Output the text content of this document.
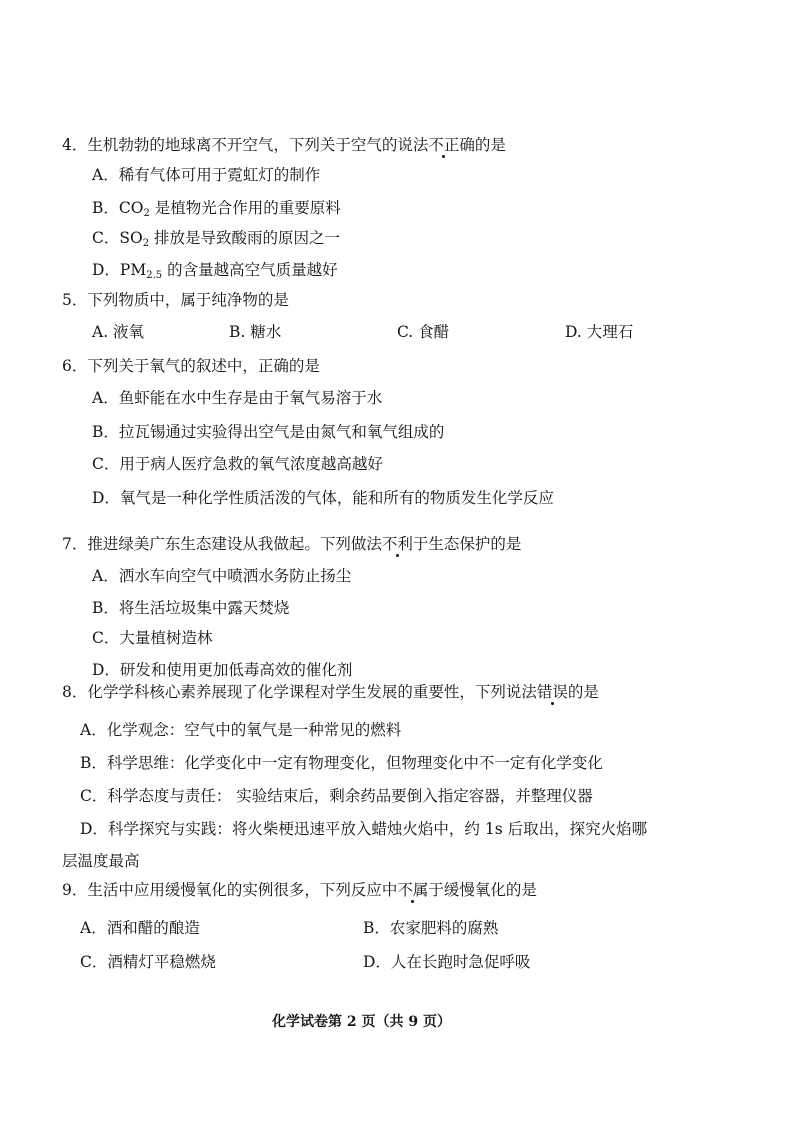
4．生机勃勃的地球离不开空气，下列关于空气的说法不正确的是
A．稀有气体可用于霓虹灯的制作
B．$CO_2$ 是植物光合作用的重要原料
C．$SO_2$ 排放是导致酸雨的原因之一
D．$PM_{2.5}$ 的含量越高空气质量越好
5．下列物质中，属于纯净物的是
A. 液氧	B. 糖水	C. 食醋	D. 大理石
6．下列关于氧气的叙述中，正确的是
A．鱼虾能在水中生存是由于氧气易溶于水
B．拉瓦锡通过实验得出空气是由氮气和氧气组成的
C．用于病人医疗急救的氧气浓度越高越好
D．氧气是一种化学性质活泼的气体，能和所有的物质发生化学反应
7．推进绿美广东生态建设从我做起。下列做法不利于生态保护的是
A．洒水车向空气中喷洒水务防止扬尘
B．将生活垃圾集中露天焚烧
C．大量植树造林
D．研发和使用更加低毒高效的催化剂
8．化学学科核心素养展现了化学课程对学生发展的重要性，下列说法错误的是
A．化学观念：空气中的氧气是一种常见的燃料
B．科学思维：化学变化中一定有物理变化，但物理变化中不一定有化学变化
C．科学态度与责任： 实验结束后，剩余药品要倒入指定容器，并整理仪器
D．科学探究与实践：将火柴梗迅速平放入蜡烛火焰中，约 1s 后取出，探究火焰哪
层温度最高
9．生活中应用缓慢氧化的实例很多，下列反应中不属于缓慢氧化的是
A．酒和醋的酿造	B．农家肥料的腐熟
C．酒精灯平稳燃烧	D．人在长跑时急促呼吸
化学试卷第 2 页（共 9 页）
